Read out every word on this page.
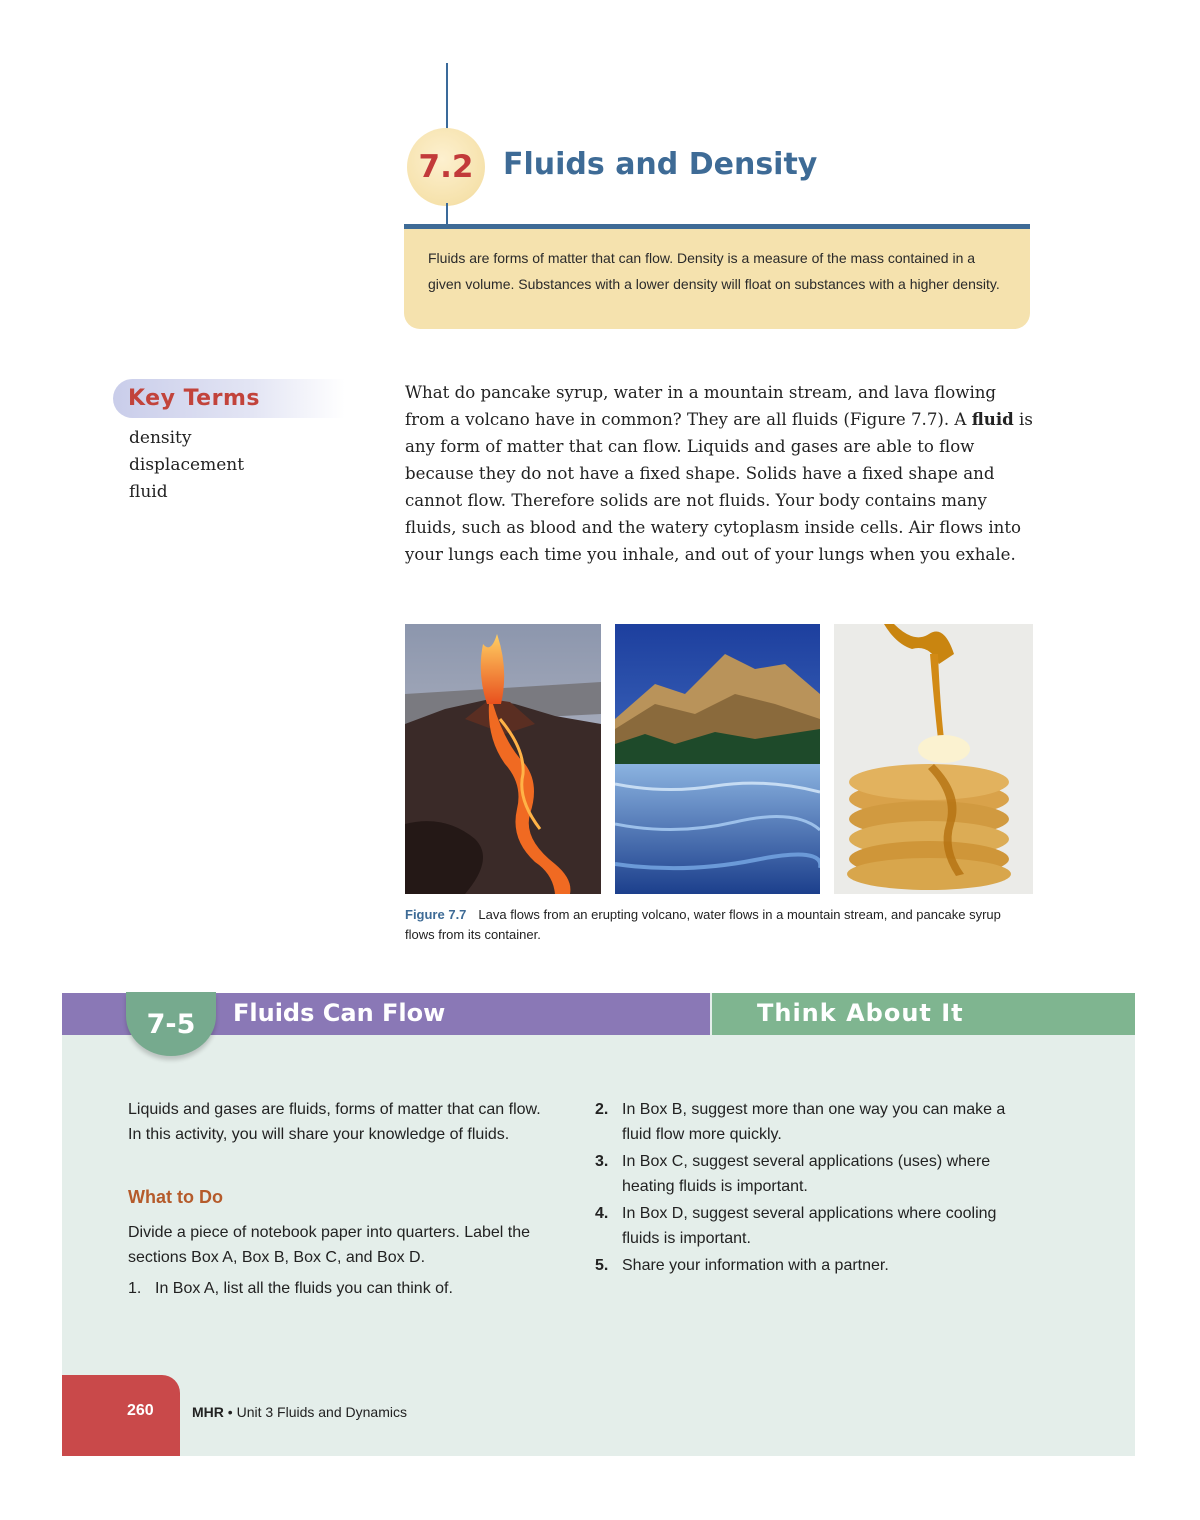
7.2 Fluids and Density
Fluids are forms of matter that can flow. Density is a measure of the mass contained in a given volume. Substances with a lower density will float on substances with a higher density.
Key Terms
density
displacement
fluid

What do pancake syrup, water in a mountain stream, and lava flowing from a volcano have in common? They are all fluids (Figure 7.7). A fluid is any form of matter that can flow. Liquids and gases are able to flow because they do not have a fixed shape. Solids have a fixed shape and cannot flow. Therefore solids are not fluids. Your body contains many fluids, such as blood and the watery cytoplasm inside cells. Air flows into your lungs each time you inhale, and out of your lungs when you exhale.

Figure 7.7 Lava flows from an erupting volcano, water flows in a mountain stream, and pancake syrup flows from its container.

7-5 Fluids Can Flow	Think About It

Liquids and gases are fluids, forms of matter that can flow. In this activity, you will share your knowledge of fluids.

What to Do

Divide a piece of notebook paper into quarters. Label the sections Box A, Box B, Box C, and Box D.

1. In Box A, list all the fluids you can think of.
2. In Box B, suggest more than one way you can make a fluid flow more quickly.
3. In Box C, suggest several applications (uses) where heating fluids is important.
4. In Box D, suggest several applications where cooling fluids is important.
5. Share your information with a partner.
260	MHR • Unit 3 Fluids and Dynamics
